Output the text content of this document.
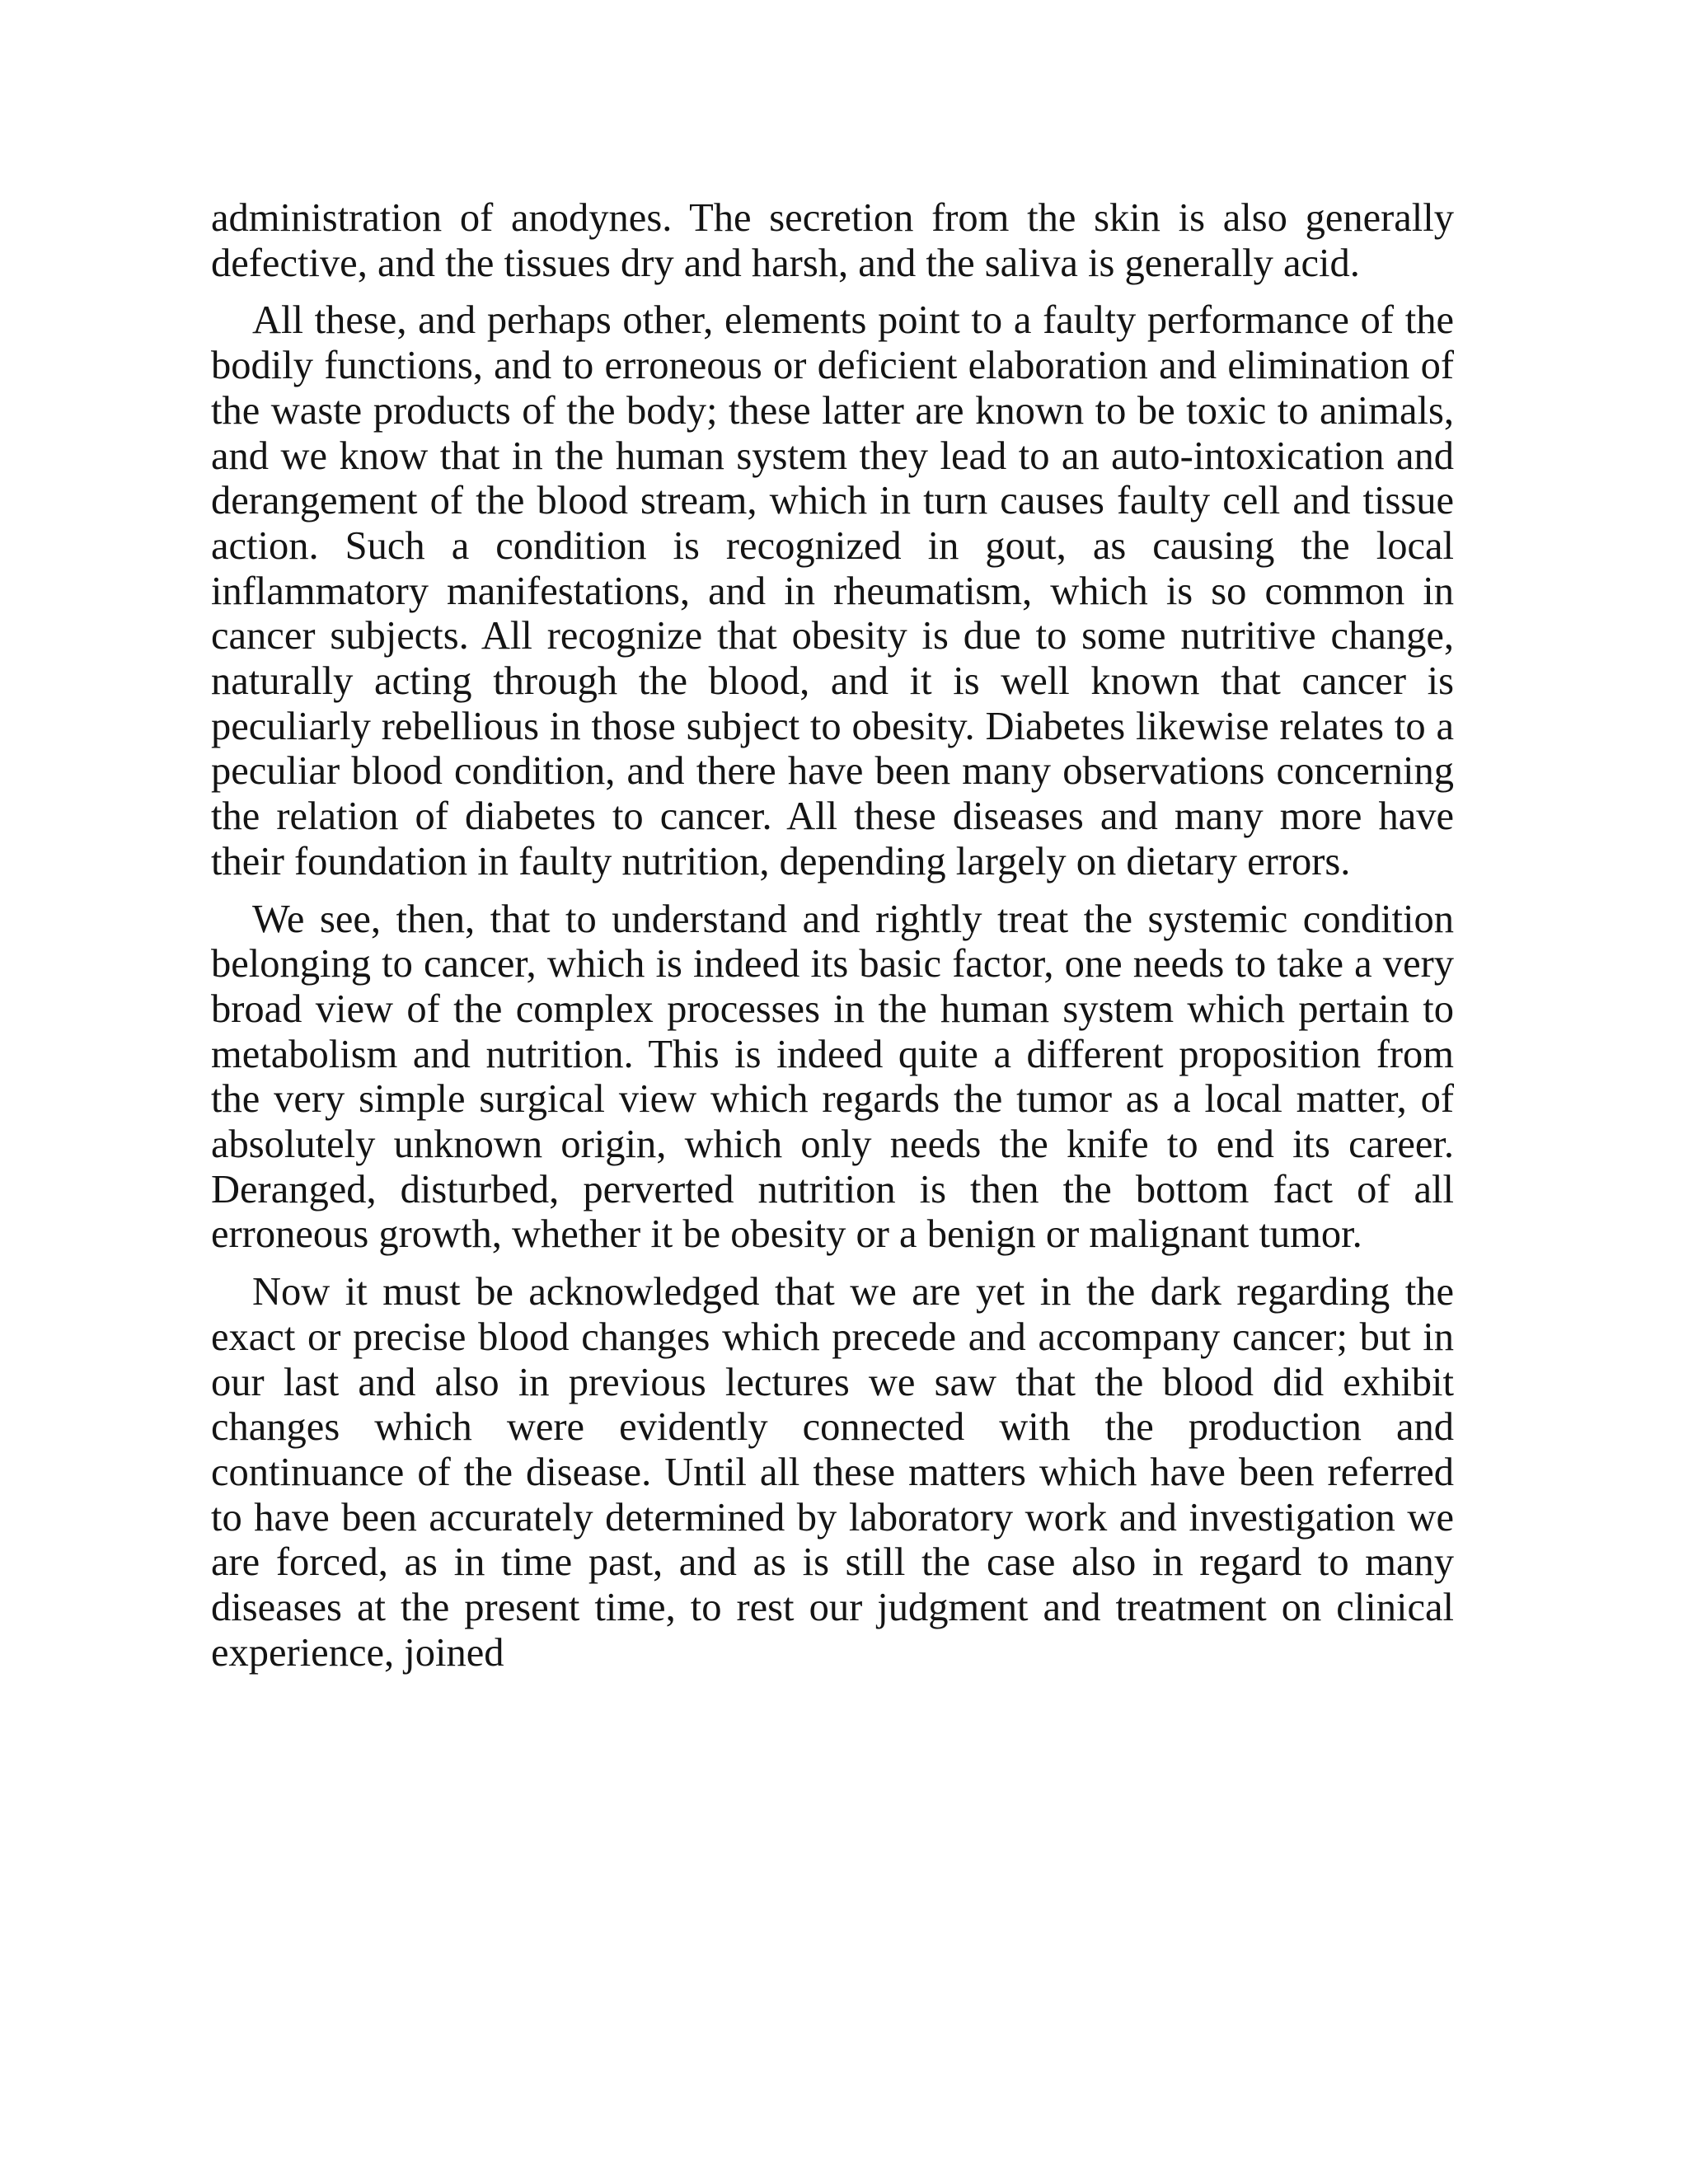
administration of anodynes. The secretion from the skin is also generally defective, and the tissues dry and harsh, and the saliva is generally acid.

All these, and perhaps other, elements point to a faulty performance of the bodily functions, and to erroneous or deficient elaboration and elimination of the waste products of the body; these latter are known to be toxic to animals, and we know that in the human system they lead to an auto-intoxication and derangement of the blood stream, which in turn causes faulty cell and tissue action. Such a condition is recognized in gout, as causing the local inflammatory manifestations, and in rheumatism, which is so common in cancer subjects. All recognize that obesity is due to some nutritive change, naturally acting through the blood, and it is well known that cancer is peculiarly rebellious in those subject to obesity. Diabetes likewise relates to a peculiar blood condition, and there have been many observations concerning the relation of diabetes to cancer. All these diseases and many more have their foundation in faulty nutrition, depending largely on dietary errors.

We see, then, that to understand and rightly treat the systemic condition belonging to cancer, which is indeed its basic factor, one needs to take a very broad view of the complex processes in the human system which pertain to metabolism and nutrition. This is indeed quite a different proposition from the very simple surgical view which regards the tumor as a local matter, of absolutely unknown origin, which only needs the knife to end its career. Deranged, disturbed, perverted nutrition is then the bottom fact of all erroneous growth, whether it be obesity or a benign or malignant tumor.

Now it must be acknowledged that we are yet in the dark regarding the exact or precise blood changes which precede and accompany cancer; but in our last and also in previous lectures we saw that the blood did exhibit changes which were evidently connected with the production and continuance of the disease. Until all these matters which have been referred to have been accurately determined by laboratory work and investigation we are forced, as in time past, and as is still the case also in regard to many diseases at the present time, to rest our judgment and treatment on clinical experience, joined
